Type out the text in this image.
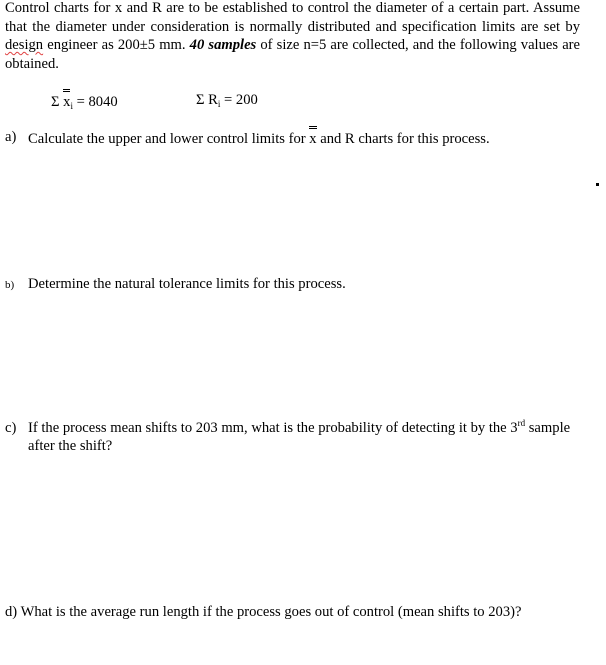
Control charts for $\overline{x}$ and R are to be established to control the diameter of a certain part. Assume that the diameter under consideration is normally distributed and specification limits are set by design engineer as 200±5 mm. 40 samples of size n=5 are collected, and the following values are obtained.
Σ $x_i = 8040$	Σ $R_i = 200$
a) Calculate the upper and lower control limits for x and R charts for this process.
b) Determine the natural tolerance limits for this process.
c) If the process mean shifts to 203 mm, what is the probability of detecting it by the 3rd sample after the shift?
d) What is the average run length if the process goes out of control (mean shifts to 203)?
